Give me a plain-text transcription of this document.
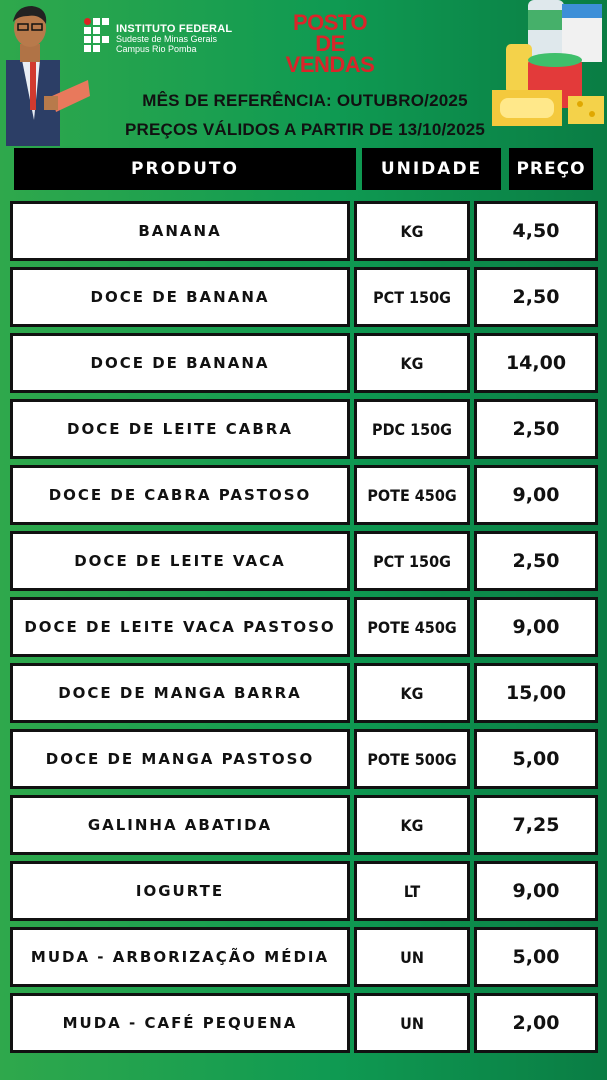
INSTITUTO FEDERAL
Sudeste de Minas Gerais
Campus Rio Pomba
POSTO
DE
VENDAS
MÊS DE REFERÊNCIA: OUTUBRO/2025
PREÇOS VÁLIDOS A PARTIR DE 13/10/2025
PRODUTO	UNIDADE	PREÇO
BANANA	KG	4,50
DOCE DE BANANA	PCT 150G	2,50
DOCE DE BANANA	KG	14,00
DOCE DE LEITE CABRA	PDC 150G	2,50
DOCE DE CABRA PASTOSO	POTE 450G	9,00
DOCE DE LEITE VACA	PCT 150G	2,50
DOCE DE LEITE VACA PASTOSO	POTE 450G	9,00
DOCE DE MANGA BARRA	KG	15,00
DOCE DE MANGA PASTOSO	POTE 500G	5,00
GALINHA ABATIDA	KG	7,25
IOGURTE	LT	9,00
MUDA - ARBORIZAÇÃO MÉDIA	UN	5,00
MUDA - CAFÉ PEQUENA	UN	2,00
